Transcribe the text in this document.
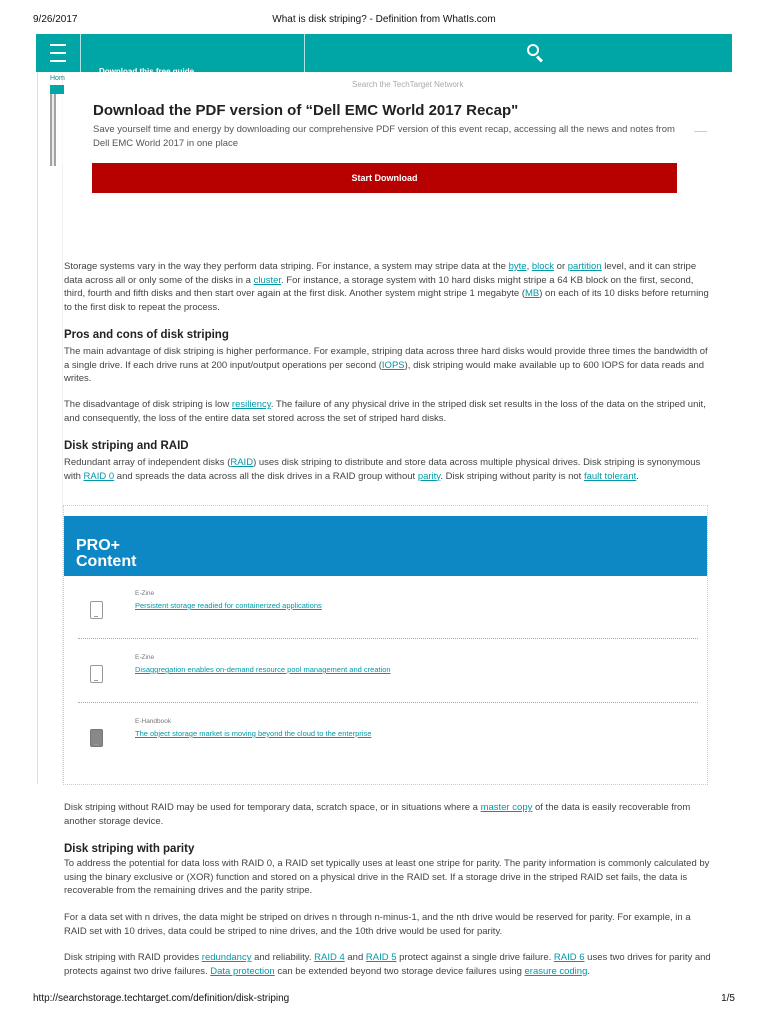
9/26/2017	What is disk striping? - Definition from WhatIs.com
Download this free guide
Search the TechTarget Network
Hom
Download the PDF version of “Dell EMC World 2017 Recap"
Save yourself time and energy by downloading our comprehensive PDF version of this event recap, accessing all the news and notes from Dell EMC World 2017 in one place
Start Download
Storage systems vary in the way they perform data striping. For instance, a system may stripe data at the byte, block or partition level, and it can stripe data across all or only some of the disks in a cluster. For instance, a storage system with 10 hard disks might stripe a 64 KB block on the first, second, third, fourth and fifth disks and then start over again at the first disk. Another system might stripe 1 megabyte (MB) on each of its 10 disks before returning to the first disk to repeat the process.
Pros and cons of disk striping
The main advantage of disk striping is higher performance. For example, striping data across three hard disks would provide three times the bandwidth of a single drive. If each drive runs at 200 input/output operations per second (IOPS), disk striping would make available up to 600 IOPS for data reads and writes.
The disadvantage of disk striping is low resiliency. The failure of any physical drive in the striped disk set results in the loss of the data on the striped unit, and consequently, the loss of the entire data set stored across the set of striped hard disks.
Disk striping and RAID
Redundant array of independent disks (RAID) uses disk striping to distribute and store data across multiple physical drives. Disk striping is synonymous with RAID 0 and spreads the data across all the disk drives in a RAID group without parity. Disk striping without parity is not fault tolerant.
PRO+
Content
E-Zine
Persistent storage readied for containerized applications
E-Zine
Disaggregation enables on-demand resource pool management and creation
E-Handbook
The object storage market is moving beyond the cloud to the enterprise
Disk striping without RAID may be used for temporary data, scratch space, or in situations where a master copy of the data is easily recoverable from another storage device.
Disk striping with parity
To address the potential for data loss with RAID 0, a RAID set typically uses at least one stripe for parity. The parity information is commonly calculated by using the binary exclusive or (XOR) function and stored on a physical drive in the RAID set. If a storage drive in the striped RAID set fails, the data is recoverable from the remaining drives and the parity stripe.
For a data set with n drives, the data might be striped on drives n through n-minus-1, and the nth drive would be reserved for parity. For example, in a RAID set with 10 drives, data could be striped to nine drives, and the 10th drive would be used for parity.
Disk striping with RAID provides redundancy and reliability. RAID 4 and RAID 5 protect against a single drive failure. RAID 6 uses two drives for parity and protects against two drive failures. Data protection can be extended beyond two storage device failures using erasure coding.
http://searchstorage.techtarget.com/definition/disk-striping	1/5
